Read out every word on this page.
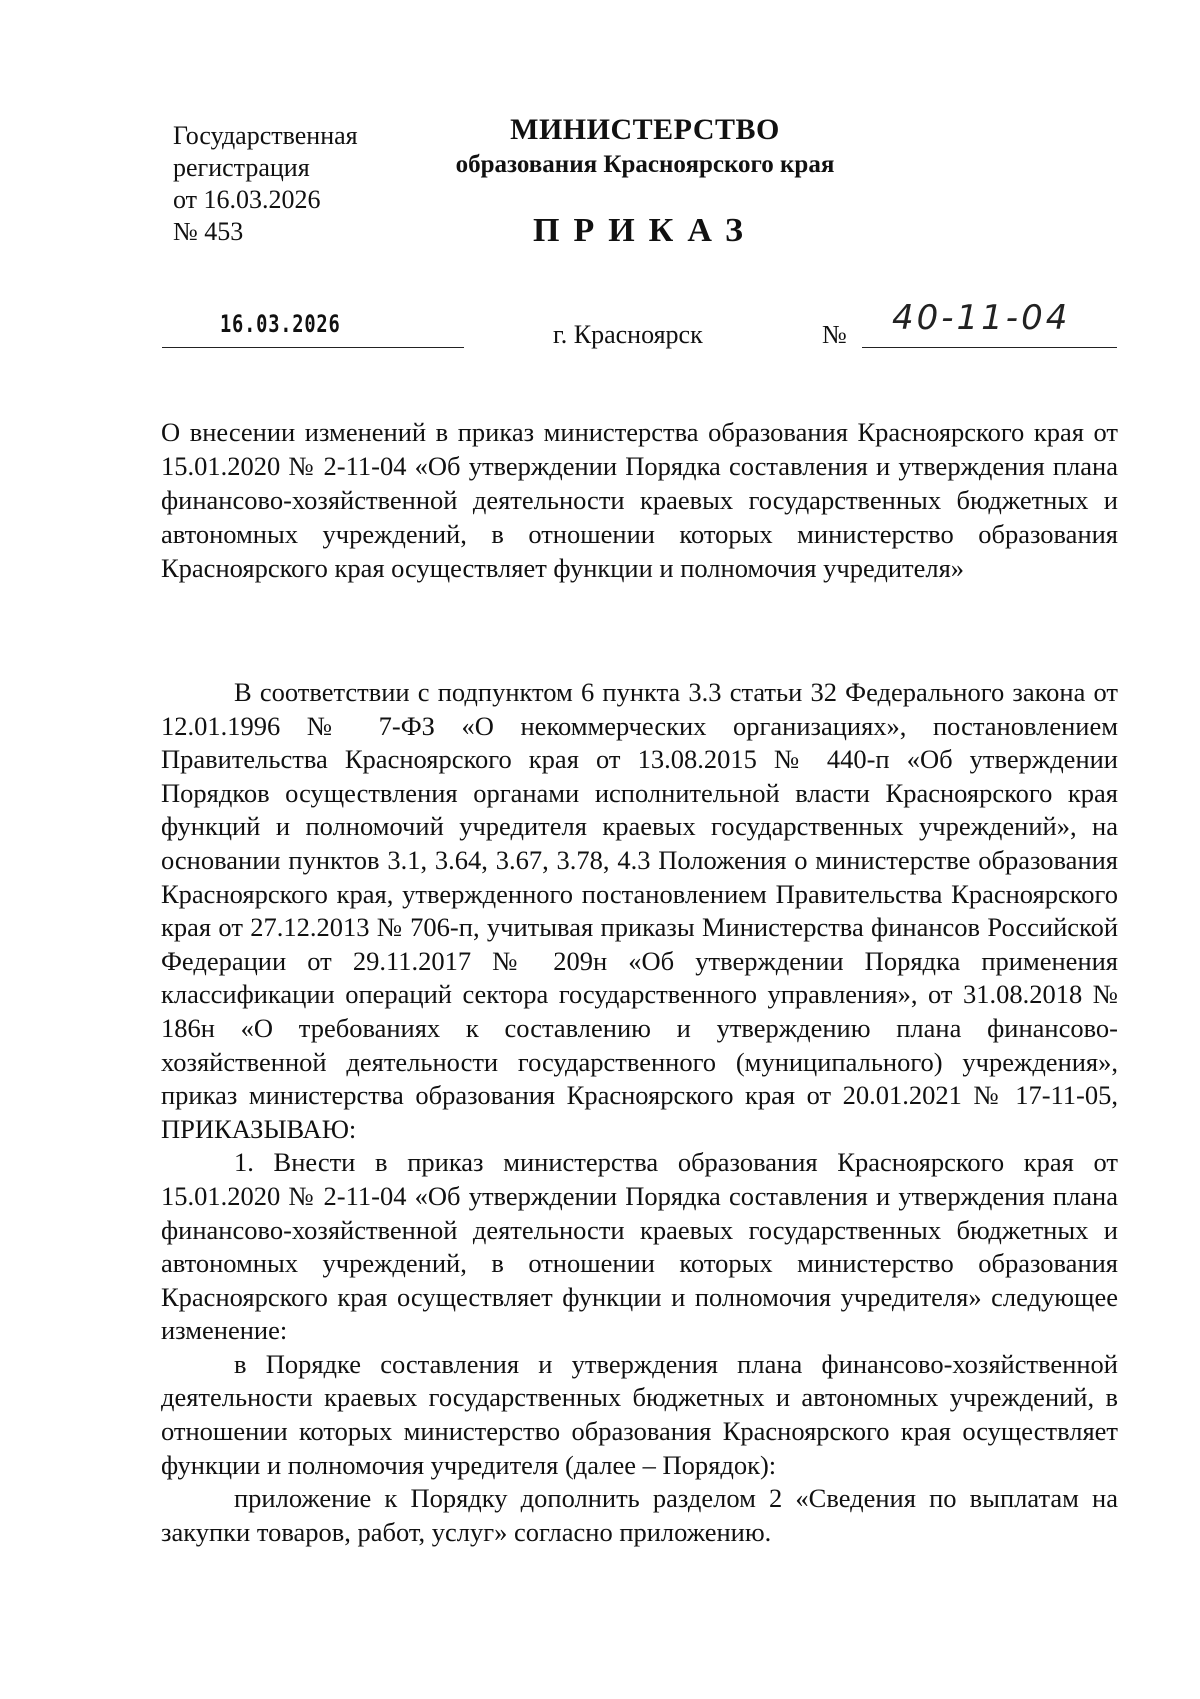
Государственная
регистрация
от 16.03.2026
№ 453
МИНИСТЕРСТВО
образования Красноярского края
ПРИКАЗ
16.03.2026	г. Красноярск	№ 40-11-04
О внесении изменений в приказ министерства образования Красноярского края от 15.01.2020 № 2-11-04 «Об утверждении Порядка составления и утверждения плана финансово-хозяйственной деятельности краевых государственных бюджетных и автономных учреждений, в отношении которых министерство образования Красноярского края осуществляет функции и полномочия учредителя»

В соответствии с подпунктом 6 пункта 3.3 статьи 32 Федерального закона от 12.01.1996 № 7-ФЗ «О некоммерческих организациях», постановлением Правительства Красноярского края от 13.08.2015 № 440-п «Об утверждении Порядков осуществления органами исполнительной власти Красноярского края функций и полномочий учредителя краевых государственных учреждений», на основании пунктов 3.1, 3.64, 3.67, 3.78, 4.3 Положения о министерстве образования Красноярского края, утвержденного постановлением Правительства Красноярского края от 27.12.2013 № 706-п, учитывая приказы Министерства финансов Российской Федерации от 29.11.2017 № 209н «Об утверждении Порядка применения классификации операций сектора государственного управления», от 31.08.2018 № 186н «О требованиях к составлению и утверждению плана финансово-хозяйственной деятельности государственного (муниципального) учреждения», приказ министерства образования Красноярского края от 20.01.2021 № 17-11-05, ПРИКАЗЫВАЮ:

1. Внести в приказ министерства образования Красноярского края от 15.01.2020 № 2-11-04 «Об утверждении Порядка составления и утверждения плана финансово-хозяйственной деятельности краевых государственных бюджетных и автономных учреждений, в отношении которых министерство образования Красноярского края осуществляет функции и полномочия учредителя» следующее изменение:

в Порядке составления и утверждения плана финансово-хозяйственной деятельности краевых государственных бюджетных и автономных учреждений, в отношении которых министерство образования Красноярского края осуществляет функции и полномочия учредителя (далее – Порядок):

приложение к Порядку дополнить разделом 2 «Сведения по выплатам на закупки товаров, работ, услуг» согласно приложению.
